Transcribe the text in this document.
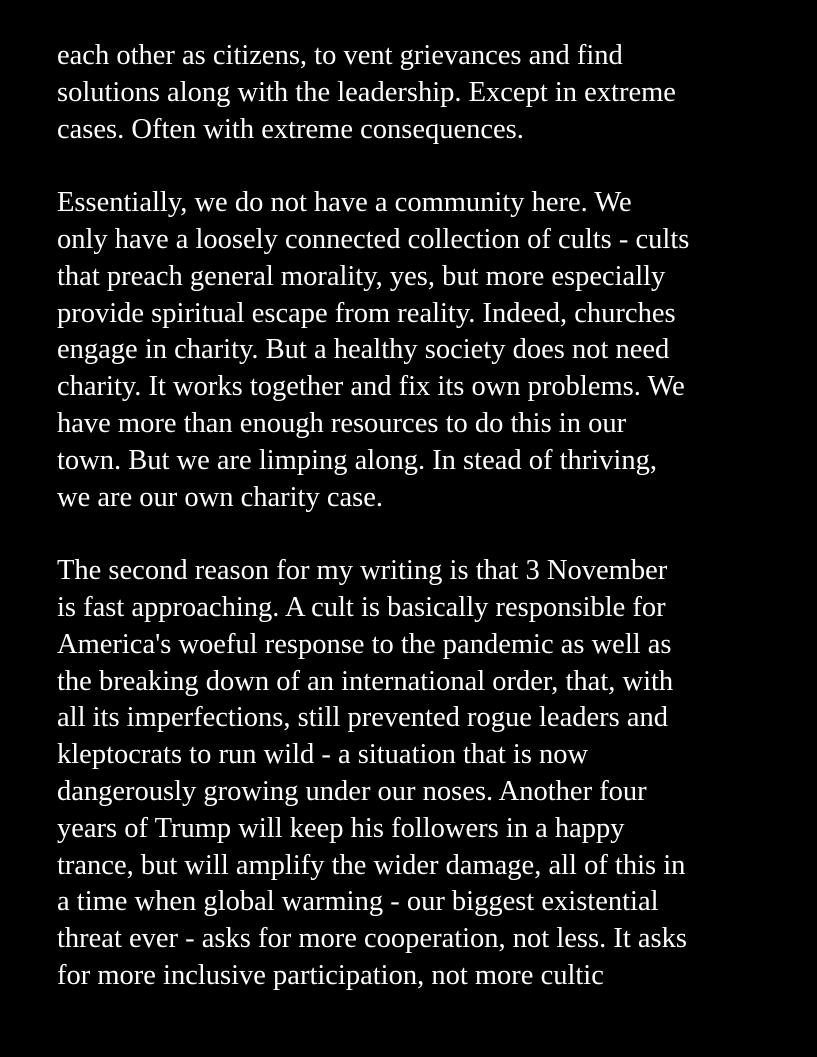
each other as citizens, to vent grievances and find
solutions along with the leadership. Except in extreme
cases. Often with extreme consequences.
Essentially, we do not have a community here. We
only have a loosely connected collection of cults - cults
that preach general morality, yes, but more especially
provide spiritual escape from reality. Indeed, churches
engage in charity. But a healthy society does not need
charity. It works together and fix its own problems. We
have more than enough resources to do this in our
town. But we are limping along. In stead of thriving,
we are our own charity case.
The second reason for my writing is that 3 November
is fast approaching. A cult is basically responsible for
America's woeful response to the pandemic as well as
the breaking down of an international order, that, with
all its imperfections, still prevented rogue leaders and
kleptocrats to run wild - a situation that is now
dangerously growing under our noses. Another four
years of Trump will keep his followers in a happy
trance, but will amplify the wider damage, all of this in
a time when global warming - our biggest existential
threat ever - asks for more cooperation, not less. It asks
for more inclusive participation, not more cultic
